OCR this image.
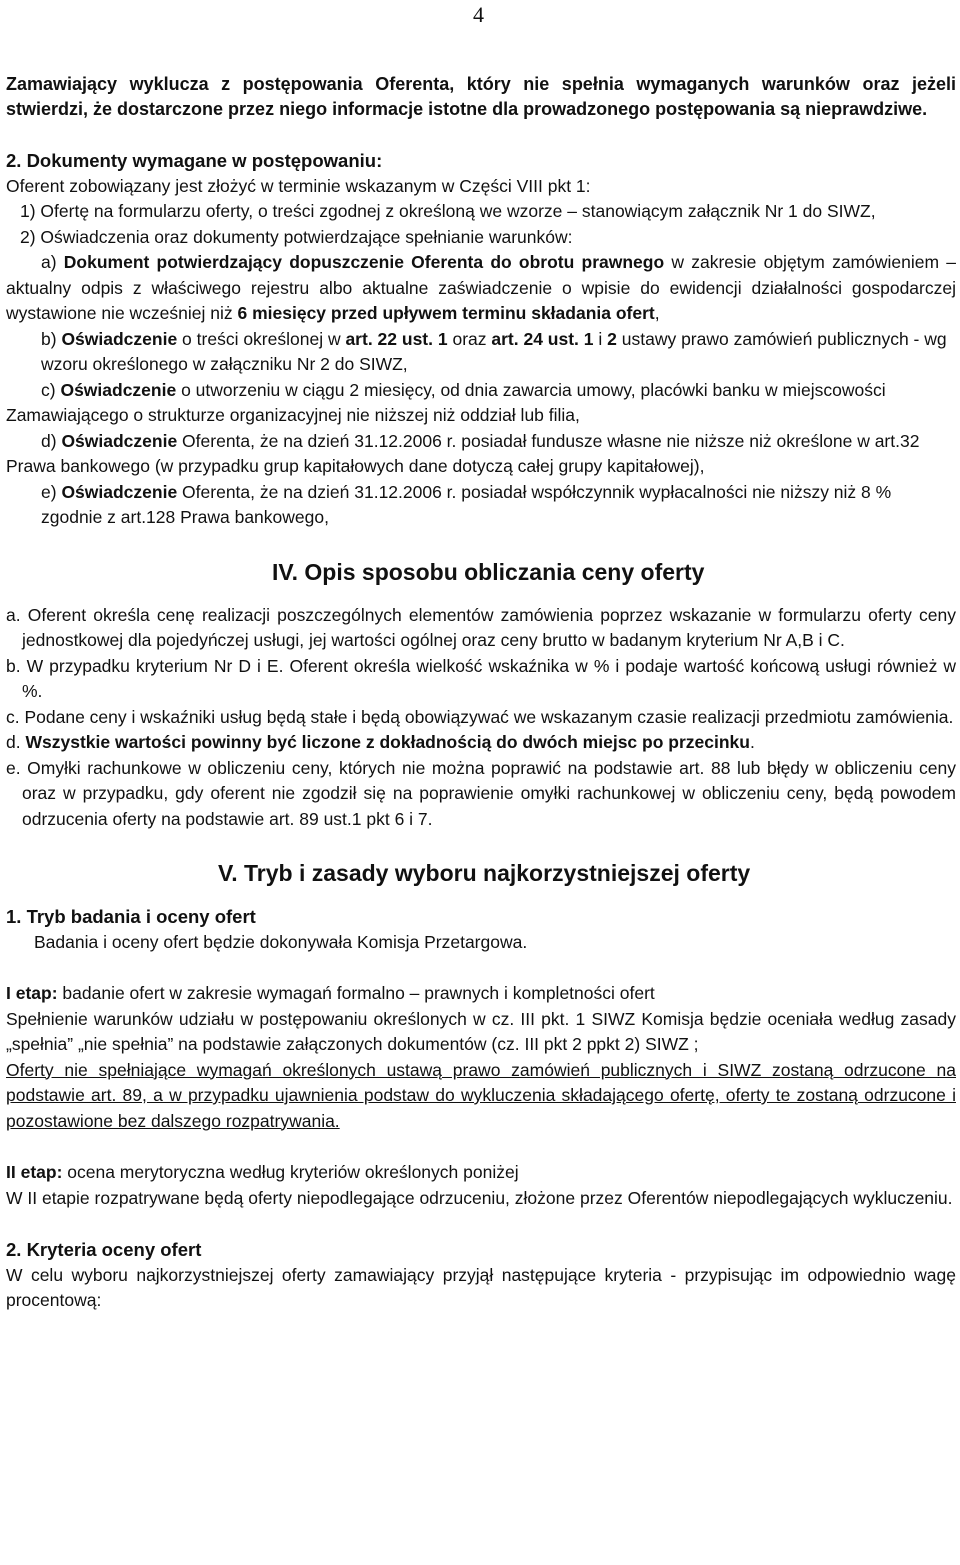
4

Zamawiający wyklucza z postępowania Oferenta, który nie spełnia wymaganych warunków oraz jeżeli stwierdzi, że dostarczone przez niego informacje istotne dla prowadzonego postępowania są nieprawdziwe.

2. Dokumenty wymagane w postępowaniu:

Oferent zobowiązany jest złożyć w terminie wskazanym w Części VIII pkt 1:

1) Ofertę na formularzu oferty, o treści zgodnej z określoną we wzorze – stanowiącym załącznik Nr 1 do SIWZ,

2) Oświadczenia oraz dokumenty potwierdzające spełnianie warunków:

a) Dokument potwierdzający dopuszczenie Oferenta do obrotu prawnego w zakresie objętym zamówieniem – aktualny odpis z właściwego rejestru albo aktualne zaświadczenie o wpisie do ewidencji działalności gospodarczej wystawione nie wcześniej niż 6 miesięcy przed upływem terminu składania ofert,

b) Oświadczenie o treści określonej w art. 22 ust. 1 oraz art. 24 ust. 1 i 2 ustawy prawo zamówień publicznych - wg wzoru określonego w załączniku Nr 2 do SIWZ,

c) Oświadczenie o utworzeniu w ciągu 2 miesięcy, od dnia zawarcia umowy, placówki banku w miejscowości Zamawiającego o strukturze organizacyjnej nie niższej niż oddział lub filia,

d) Oświadczenie Oferenta, że na dzień 31.12.2006 r. posiadał fundusze własne nie niższe niż określone w art.32 Prawa bankowego (w przypadku grup kapitałowych dane dotyczą całej grupy kapitałowej),

e) Oświadczenie Oferenta, że na dzień 31.12.2006 r. posiadał współczynnik wypłacalności nie niższy niż 8 % zgodnie z art.128 Prawa bankowego,

IV. Opis sposobu obliczania ceny oferty

a. Oferent określa cenę realizacji poszczególnych elementów zamówienia poprzez wskazanie w formularzu oferty ceny jednostkowej dla pojedyńczej usługi, jej wartości ogólnej oraz ceny brutto w badanym kryterium Nr A,B i C.

b. W przypadku kryterium Nr D i E. Oferent określa wielkość wskaźnika w % i podaje wartość końcową usługi również w %.

c. Podane ceny i wskaźniki usług będą stałe i będą obowiązywać we wskazanym czasie realizacji przedmiotu zamówienia.

d. Wszystkie wartości powinny być liczone z dokładnością do dwóch miejsc po przecinku.

e. Omyłki rachunkowe w obliczeniu ceny, których nie można poprawić na podstawie art. 88 lub błędy w obliczeniu ceny oraz w przypadku, gdy oferent nie zgodził się na poprawienie omyłki rachunkowej w obliczeniu ceny, będą powodem odrzucenia oferty na podstawie art. 89 ust.1 pkt 6 i 7.

V. Tryb i zasady wyboru najkorzystniejszej oferty

1. Tryb badania i oceny ofert

Badania i oceny ofert będzie dokonywała Komisja Przetargowa.

I etap: badanie ofert w zakresie wymagań formalno – prawnych i kompletności ofert

Spełnienie warunków udziału w postępowaniu określonych w cz. III pkt. 1 SIWZ Komisja będzie oceniała według zasady „spełnia” „nie spełnia” na podstawie załączonych dokumentów (cz. III pkt 2 ppkt 2) SIWZ ;

Oferty nie spełniające wymagań określonych ustawą prawo zamówień publicznych i SIWZ zostaną odrzucone na podstawie art. 89, a w przypadku ujawnienia podstaw do wykluczenia składającego ofertę, oferty te zostaną odrzucone i pozostawione bez dalszego rozpatrywania.

II etap: ocena merytoryczna według kryteriów określonych poniżej

W II etapie rozpatrywane będą oferty niepodlegające odrzuceniu, złożone przez Oferentów niepodlegających wykluczeniu.

2. Kryteria oceny ofert

W celu wyboru najkorzystniejszej oferty zamawiający przyjął następujące kryteria - przypisując im odpowiednio wagę procentową:
